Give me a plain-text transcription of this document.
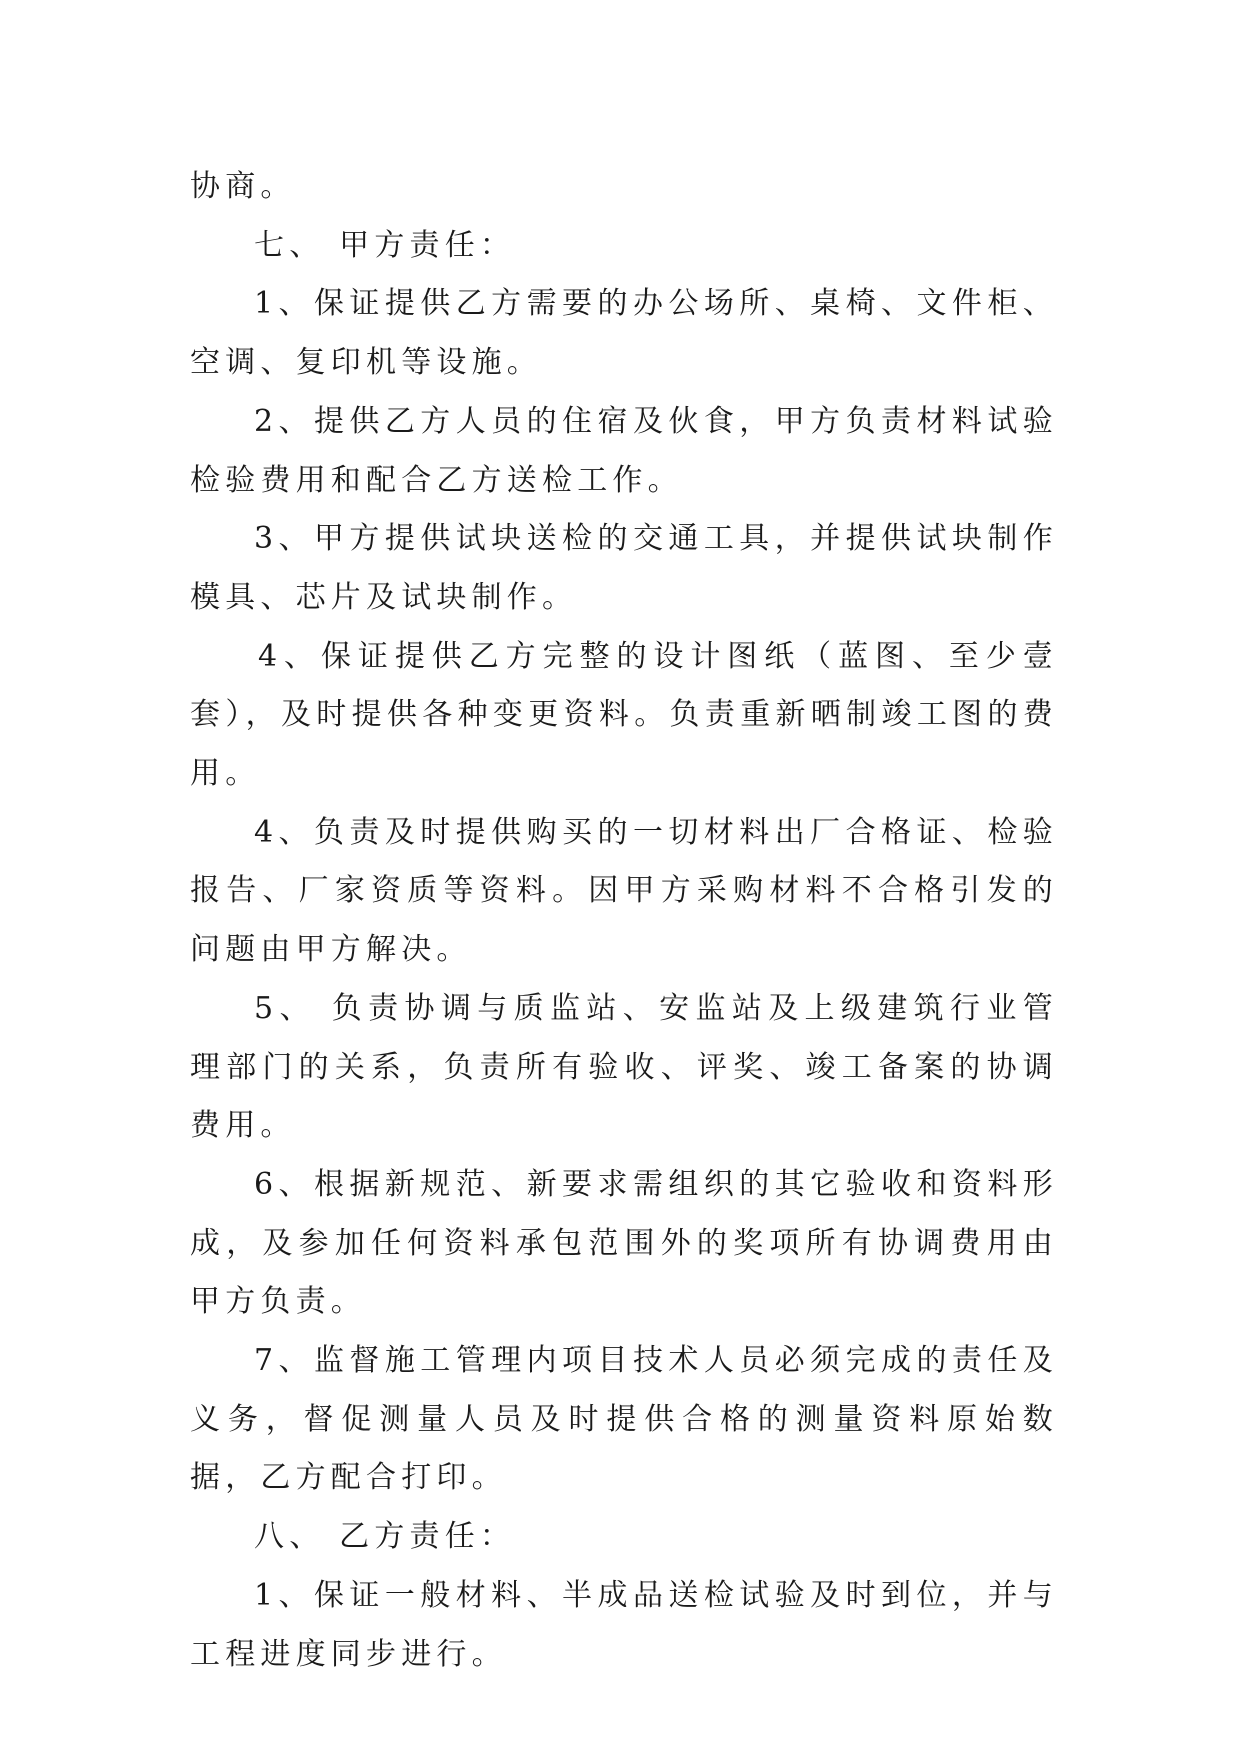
协商。

七、 甲方责任：

1、保证提供乙方需要的办公场所、桌椅、文件柜、空调、复印机等设施。

2、提供乙方人员的住宿及伙食，甲方负责材料试验检验费用和配合乙方送检工作。

3、甲方提供试块送检的交通工具，并提供试块制作模具、芯片及试块制作。

4、保证提供乙方完整的设计图纸（蓝图、至少壹套），及时提供各种变更资料。负责重新晒制竣工图的费用。

4、负责及时提供购买的一切材料出厂合格证、检验报告、厂家资质等资料。因甲方采购材料不合格引发的问题由甲方解决。

5、 负责协调与质监站、安监站及上级建筑行业管理部门的关系，负责所有验收、评奖、竣工备案的协调费用。

6、根据新规范、新要求需组织的其它验收和资料形成，及参加任何资料承包范围外的奖项所有协调费用由甲方负责。

7、监督施工管理内项目技术人员必须完成的责任及义务，督促测量人员及时提供合格的测量资料原始数据，乙方配合打印。

八、 乙方责任：

1、保证一般材料、半成品送检试验及时到位，并与工程进度同步进行。
